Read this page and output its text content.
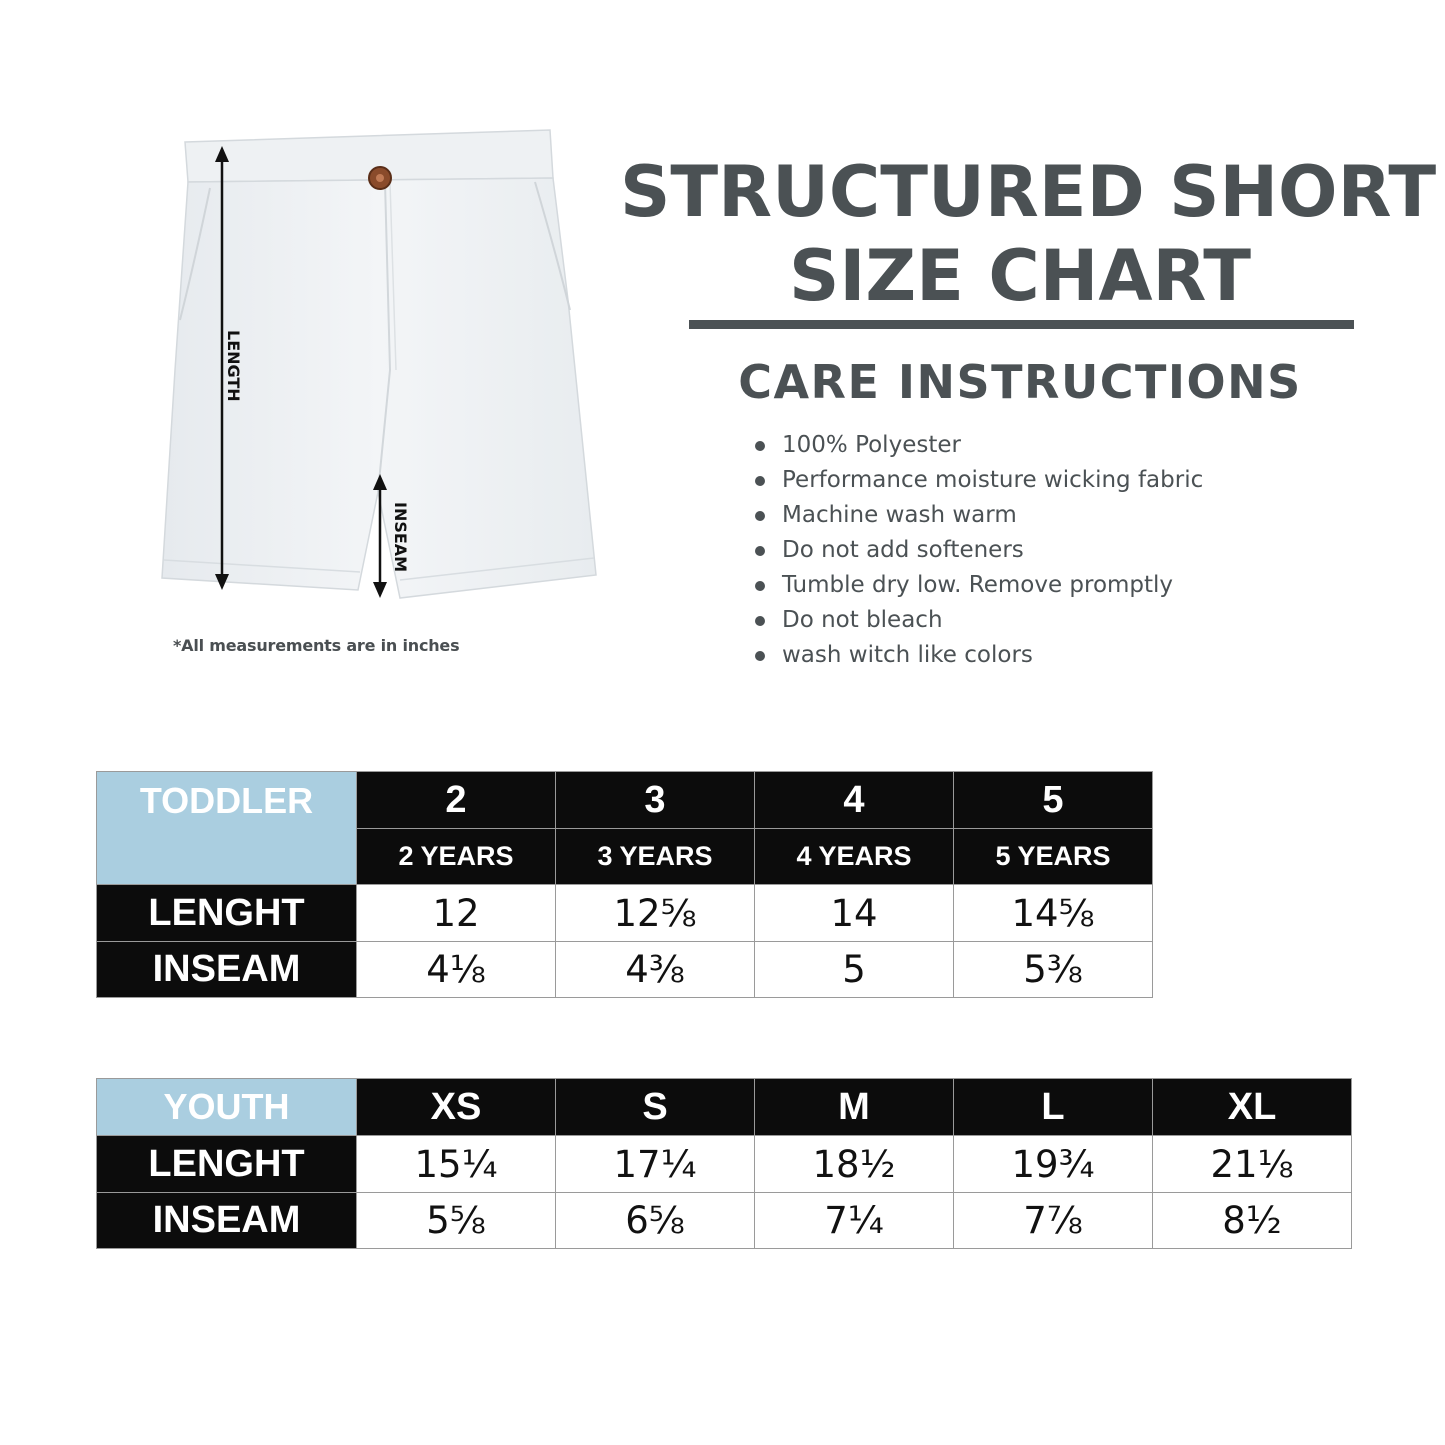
LENGTH
INSEAM
*All measurements are in inches
STRUCTURED SHORT
SIZE CHART
CARE INSTRUCTIONS
100% Polyester
Performance moisture wicking fabric
Machine wash warm
Do not add softeners
Tumble dry low. Remove promptly
Do not bleach
wash witch like colors
TODDLER	2	3	4	5
	2 YEARS	3 YEARS	4 YEARS	5 YEARS
LENGHT	12	12⅝	14	14⅝
INSEAM	4⅛	4⅜	5	5⅜
YOUTH	XS	S	M	L	XL
LENGHT	15¼	17¼	18½	19¾	21⅛
INSEAM	5⅝	6⅝	7¼	7⅞	8½
